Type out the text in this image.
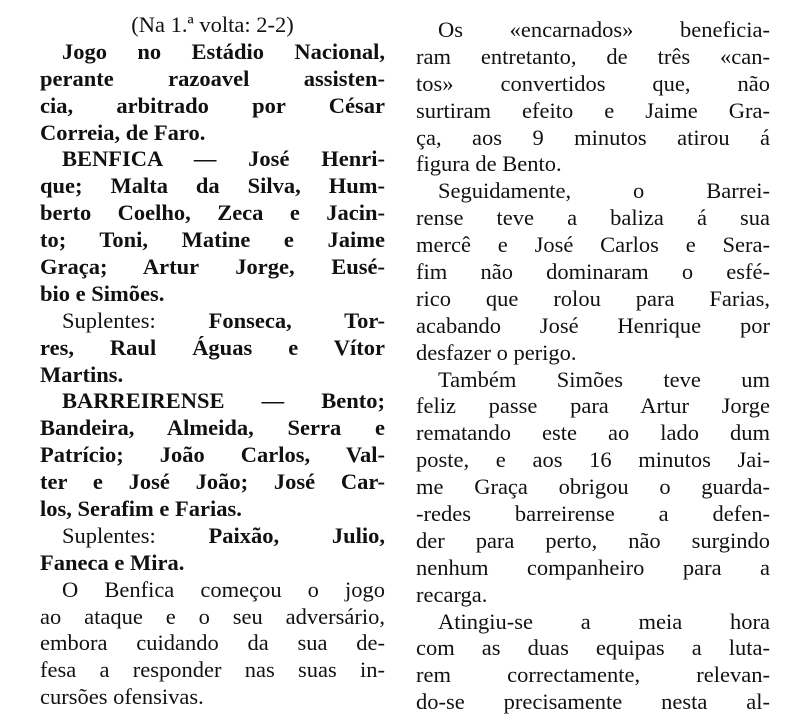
(Na 1.ª volta: 2-2)
Jogo no Estádio Nacional,
perante razoavel assisten-
cia, arbitrado por César
Correia, de Faro.
BENFICA — José Henri-
que; Malta da Silva, Hum-
berto Coelho, Zeca e Jacin-
to; Toni, Matine e Jaime
Graça; Artur Jorge, Eusé-
bio e Simões.
Suplentes: Fonseca, Tor-
res, Raul Águas e Vítor
Martins.
BARREIRENSE — Bento;
Bandeira, Almeida, Serra e
Patrício; João Carlos, Val-
ter e José João; José Car-
los, Serafim e Farias.
Suplentes: Paixão, Julio,
Faneca e Mira.
O Benfica começou o jogo
ao ataque e o seu adversário,
embora cuidando da sua de-
fesa a responder nas suas in-
cursões ofensivas.
Os «encarnados» beneficia-
ram entretanto, de três «can-
tos» convertidos que, não
surtiram efeito e Jaime Gra-
ça, aos 9 minutos atirou á
figura de Bento.
Seguidamente, o Barrei-
rense teve a baliza á sua
mercê e José Carlos e Sera-
fim não dominaram o esfé-
rico que rolou para Farias,
acabando José Henrique por
desfazer o perigo.
Também Simões teve um
feliz passe para Artur Jorge
rematando este ao lado dum
poste, e aos 16 minutos Jai-
me Graça obrigou o guarda-
-redes barreirense a defen-
der para perto, não surgindo
nenhum companheiro para a
recarga.
Atingiu-se a meia hora
com as duas equipas a luta-
rem correctamente, relevan-
do-se precisamente nesta al-
